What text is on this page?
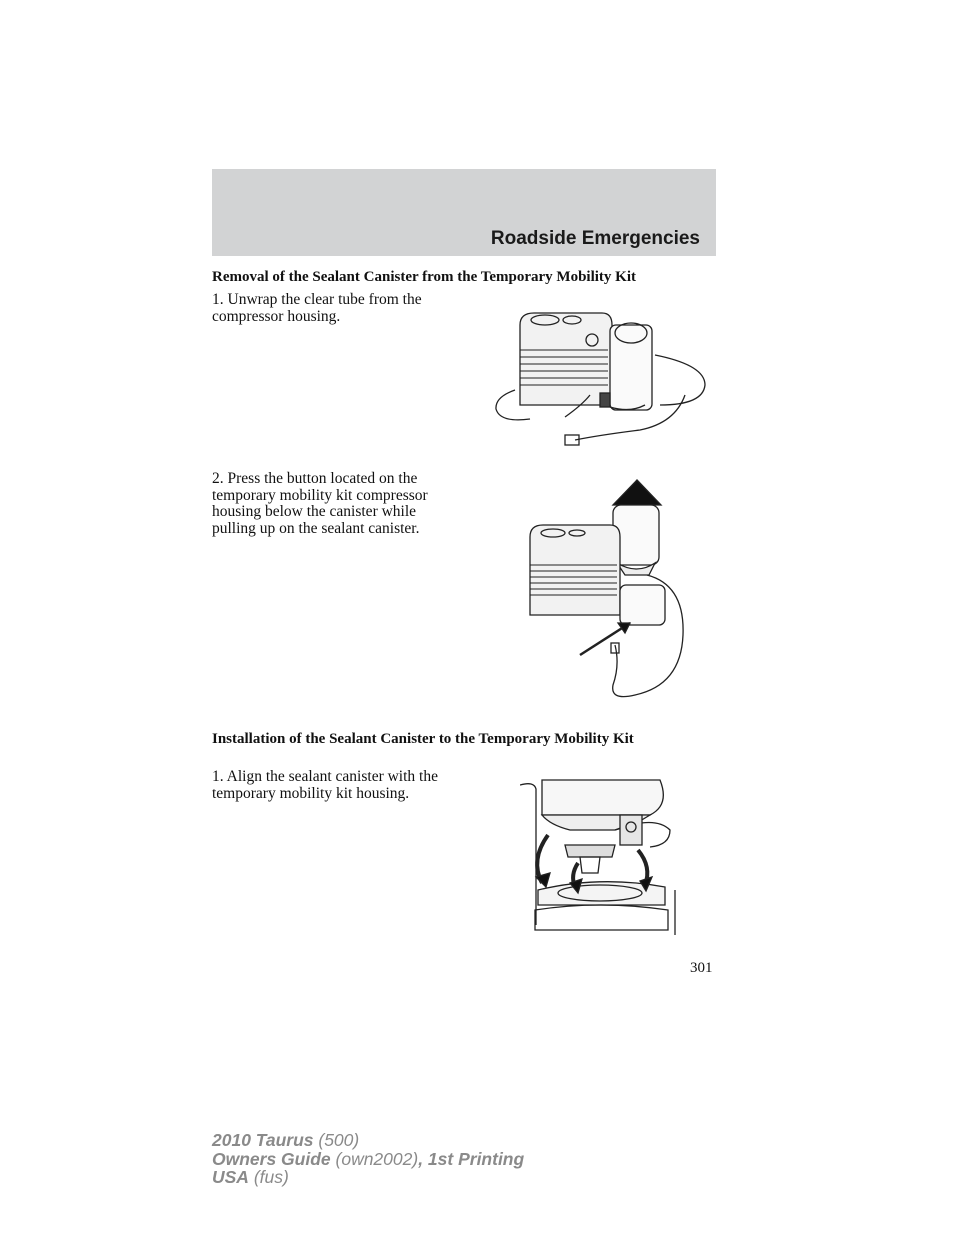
Roadside Emergencies
Removal of the Sealant Canister from the Temporary Mobility Kit
1. Unwrap the clear tube from the compressor housing.
2. Press the button located on the temporary mobility kit compressor housing below the canister while pulling up on the sealant canister.
Installation of the Sealant Canister to the Temporary Mobility Kit
1. Align the sealant canister with the temporary mobility kit housing.
301
2010 Taurus (500)
Owners Guide (own2002), 1st Printing
USA (fus)
